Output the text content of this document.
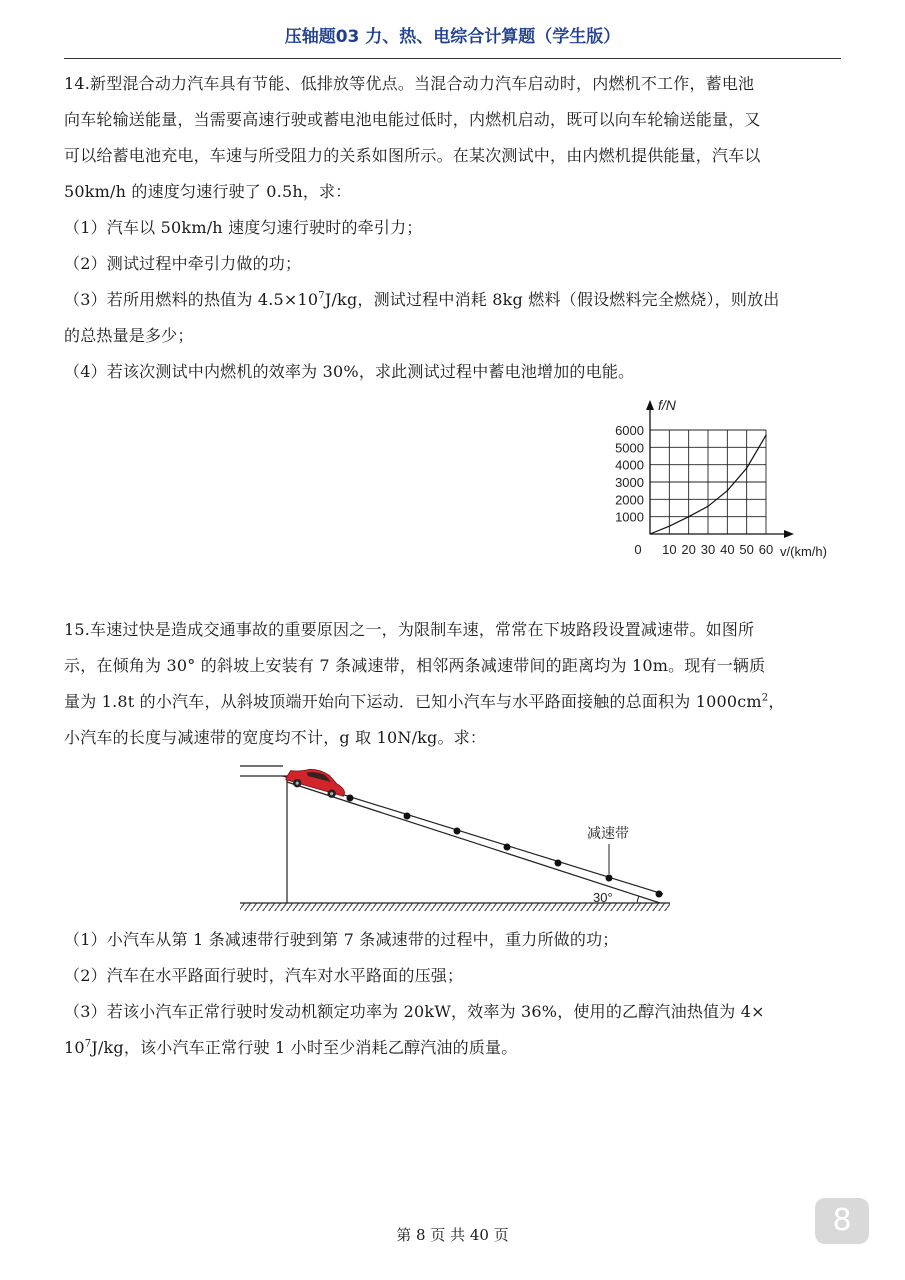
压轴题03 力、热、电综合计算题（学生版）

14.新型混合动力汽车具有节能、低排放等优点。当混合动力汽车启动时，内燃机不工作，蓄电池

向车轮输送能量，当需要高速行驶或蓄电池电能过低时，内燃机启动，既可以向车轮输送能量，又

可以给蓄电池充电，车速与所受阻力的关系如图所示。在某次测试中，由内燃机提供能量，汽车以

50km/h 的速度匀速行驶了 0.5h，求：

（1）汽车以 50km/h 速度匀速行驶时的牵引力；

（2）测试过程中牵引力做的功；

（3）若所用燃料的热值为 $4.5\times 10^7J/kg$，测试过程中消耗 8kg 燃料（假设燃料完全燃烧），则放出

的总热量是多少；

（4）若该次测试中内燃机的效率为 30%，求此测试过程中蓄电池增加的电能。

1000
2000
3000
4000
5000
6000
0 10 20 30 40 50 60
f/N
v/(km/h)

15.车速过快是造成交通事故的重要原因之一，为限制车速，常常在下坡路段设置减速带。如图所

示，在倾角为 30° 的斜坡上安装有 7 条减速带，相邻两条减速带间的距离均为 10m。现有一辆质

量为 1.8t 的小汽车，从斜坡顶端开始向下运动．已知小汽车与水平路面接触的总面积为 $1000cm^2$，

小汽车的长度与减速带的宽度均不计，g 取 10N/kg。求：

减速带
30°

（1）小汽车从第 1 条减速带行驶到第 7 条减速带的过程中，重力所做的功；

（2）汽车在水平路面行驶时，汽车对水平路面的压强；

（3）若该小汽车正常行驶时发动机额定功率为 20kW，效率为 36%，使用的乙醇汽油热值为 4×

$10^7J/kg$，该小汽车正常行驶 1 小时至少消耗乙醇汽油的质量。

第 8 页 共 40 页	8
